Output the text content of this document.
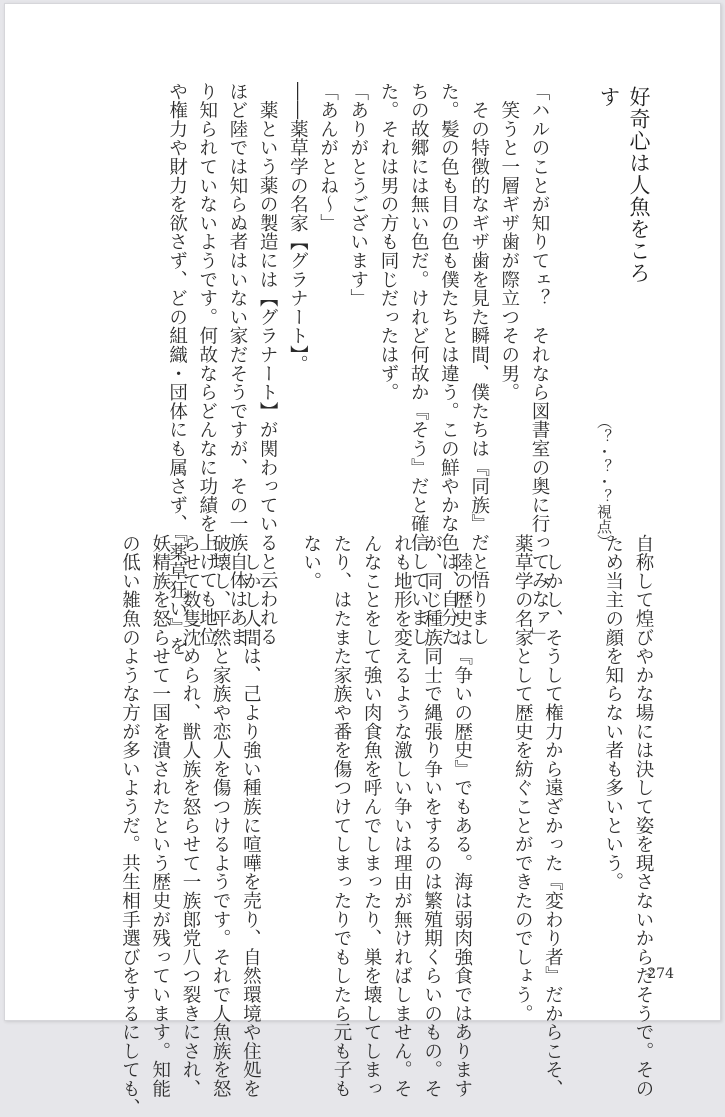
好奇心は人魚をころす
（？・？・？視点）
「ハルのことが知りてェ？　それなら図書室の奥に行ってみなァ」
　笑うと一層ギザ歯が際立つその男。
　その特徴的なギザ歯を見た瞬間、僕たちは『同族』だと悟りまし
た。髪の色も目の色も僕たちとは違う。この鮮やかな色は、自分た
ちの故郷には無い色だ。けれど何故か『そう』だと確信していまし
た。それは男の方も同じだったはず。
「ありがとうございます」
「あんがとね～」
――薬草学の名家【グラナート】。
　薬という薬の製造には【グラナート】が関わっていると云われる
ほど陸では知らぬ者はいない家だそうですが、その一族自体はあま
り知られていないようです。何故ならどんなに功績を上げても地位
や権力や財力を欲さず、どの組織・団体にも属さず、『薬草狂い』を
自称して煌びやかな場には決して姿を現さないからだそうで。その
ため当主の顔を知らない者も多いという。
　しかし、そうして権力から遠ざかった『変わり者』だからこそ、
薬草学の名家として歴史を紡ぐことができたのでしょう。
　陸の歴史は『争いの歴史』でもある。海は弱肉強食ではあります
が、同じ種族同士で縄張り争いをするのは繁殖期くらいのもの。そ
れも地形を変えるような激しい争いは理由が無ければしません。そ
んなことをして強い肉食魚を呼んでしまったり、巣を壊してしまっ
たり、はたまた家族や番を傷つけてしまったりでもしたら元も子も
ない。
　しかし人間は、己より強い種族に喧嘩を売り、自然環境や住処を
破壊し、平然と家族や恋人を傷つけるようです。それで人魚族を怒
らせて数隻沈められ、獣人族を怒らせて一族郎党八つ裂きにされ、
妖精族を怒らせて一国を潰されたという歴史が残っています。知能
の低い雑魚のような方が多いようだ。共生相手選びをするにしても、	274
